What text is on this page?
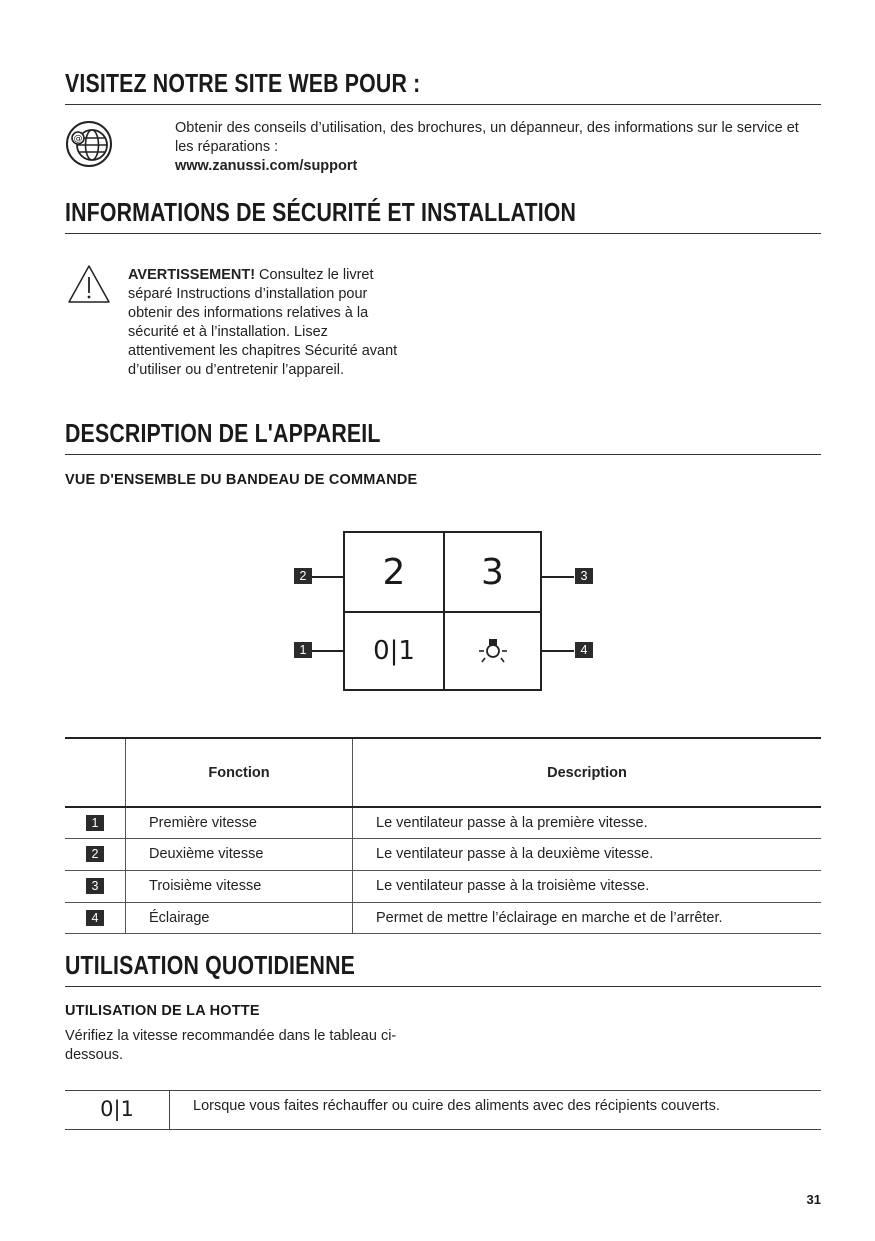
VISITEZ NOTRE SITE WEB POUR :
@
Obtenir des conseils d’utilisation, des brochures, un dépanneur, des informations sur le service et les réparations :
www.zanussi.com/support
INFORMATIONS DE SÉCURITÉ ET INSTALLATION
AVERTISSEMENT! Consultez le livret séparé Instructions d’installation pour obtenir des informations relatives à la sécurité et à l’installation. Lisez attentivement les chapitres Sécurité avant d’utiliser ou d’entretenir l’appareil.
DESCRIPTION DE L'APPAREIL
VUE D'ENSEMBLE DU BANDEAU DE COMMANDE
2	3
0|1
2
1
3
4
	Fonction	Description
1	Première vitesse	Le ventilateur passe à la première vitesse.
2	Deuxième vitesse	Le ventilateur passe à la deuxième vitesse.
3	Troisième vitesse	Le ventilateur passe à la troisième vitesse.
4	Éclairage	Permet de mettre l’éclairage en marche et de l’arrêter.
UTILISATION QUOTIDIENNE
UTILISATION DE LA HOTTE
Vérifiez la vitesse recommandée dans le tableau ci-dessous.
0|1	Lorsque vous faites réchauffer ou cuire des aliments avec des récipients couverts.
31
